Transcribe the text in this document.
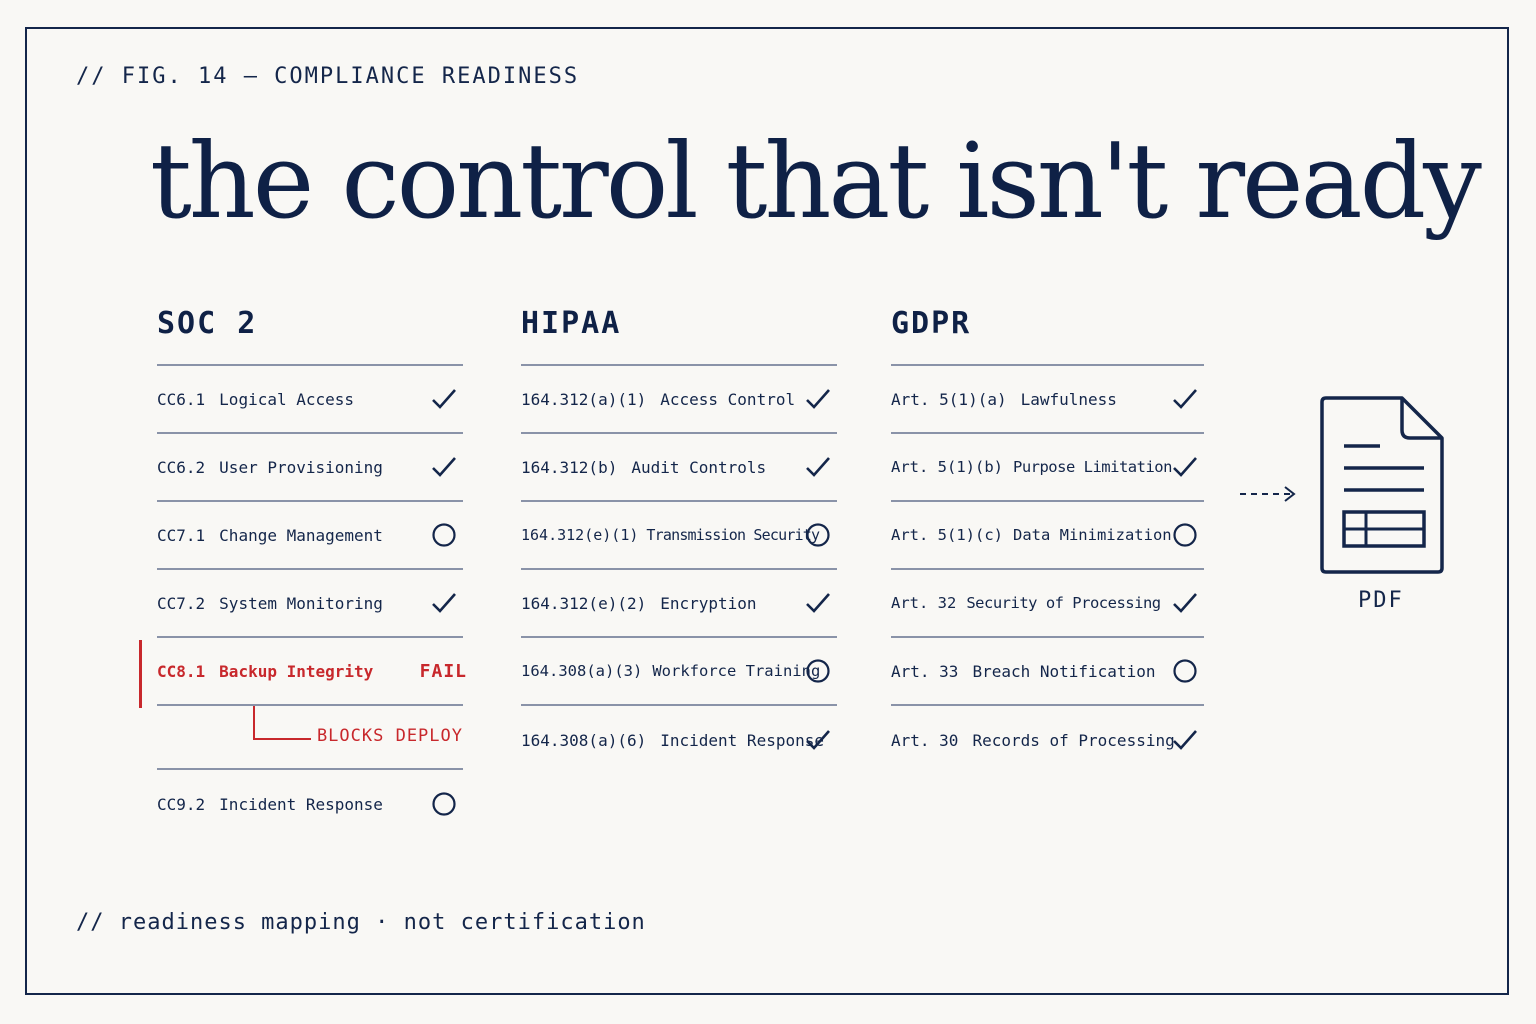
// FIG. 14 — COMPLIANCE READINESS
the control that isn't ready
SOC 2
CC6.1 Logical Access
CC6.2 User Provisioning
CC7.1 Change Management
CC7.2 System Monitoring
CC8.1 Backup Integrity	FAIL
BLOCKS DEPLOY
CC9.2 Incident Response
HIPAA
164.312(a)(1) Access Control
164.312(b) Audit Controls
164.312(e)(1) Transmission Security
164.312(e)(2) Encryption
164.308(a)(3) Workforce Training
164.308(a)(6) Incident Response
GDPR
Art. 5(1)(a) Lawfulness
Art. 5(1)(b) Purpose Limitation
Art. 5(1)(c) Data Minimization
Art. 32 Security of Processing
Art. 33 Breach Notification
Art. 30 Records of Processing
PDF
// readiness mapping · not certification
